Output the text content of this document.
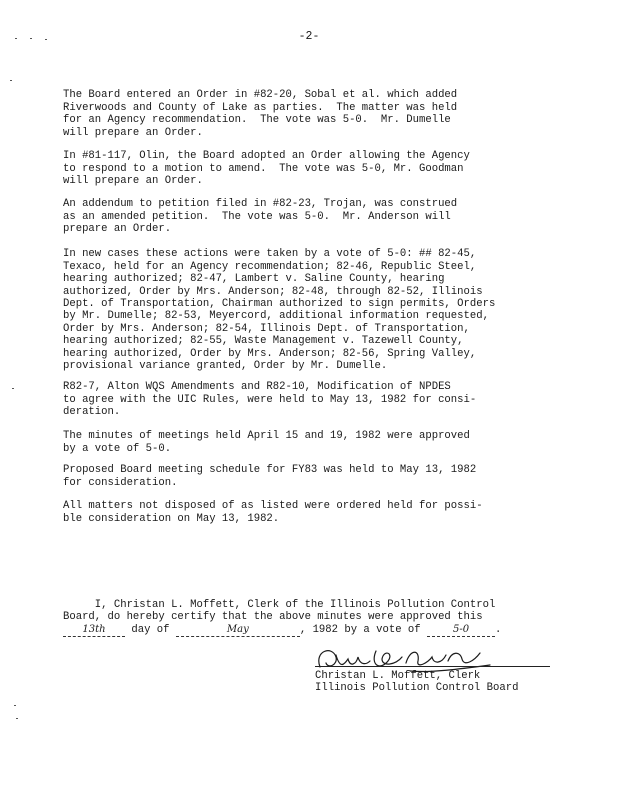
-2-

The Board entered an Order in #82-20, Sobal et al. which added
Riverwoods and County of Lake as parties.  The matter was held
for an Agency recommendation.  The vote was 5-0.  Mr. Dumelle
will prepare an Order.

In #81-117, Olin, the Board adopted an Order allowing the Agency
to respond to a motion to amend.  The vote was 5-0, Mr. Goodman
will prepare an Order.

An addendum to petition filed in #82-23, Trojan, was construed
as an amended petition.  The vote was 5-0.  Mr. Anderson will
prepare an Order.

In new cases these actions were taken by a vote of 5-0: ## 82-45,
Texaco, held for an Agency recommendation; 82-46, Republic Steel,
hearing authorized; 82-47, Lambert v. Saline County, hearing
authorized, Order by Mrs. Anderson; 82-48, through 82-52, Illinois
Dept. of Transportation, Chairman authorized to sign permits, Orders
by Mr. Dumelle; 82-53, Meyercord, additional information requested,
Order by Mrs. Anderson; 82-54, Illinois Dept. of Transportation,
hearing authorized; 82-55, Waste Management v. Tazewell County,
hearing authorized, Order by Mrs. Anderson; 82-56, Spring Valley,
provisional variance granted, Order by Mr. Dumelle.

R82-7, Alton WQS Amendments and R82-10, Modification of NPDES
to agree with the UIC Rules, were held to May 13, 1982 for consi-
deration.

The minutes of meetings held April 15 and 19, 1982 were approved
by a vote of 5-0.

Proposed Board meeting schedule for FY83 was held to May 13, 1982
for consideration.

All matters not disposed of as listed were ordered held for possi-
ble consideration on May 13, 1982.

I, Christan L. Moffett, Clerk of the Illinois Pollution Control
Board, do hereby certify that the above minutes were approved this
13th day of	May	, 1982 by a vote of	5-0 .

Christan L. Moffett, Clerk
Illinois Pollution Control Board
